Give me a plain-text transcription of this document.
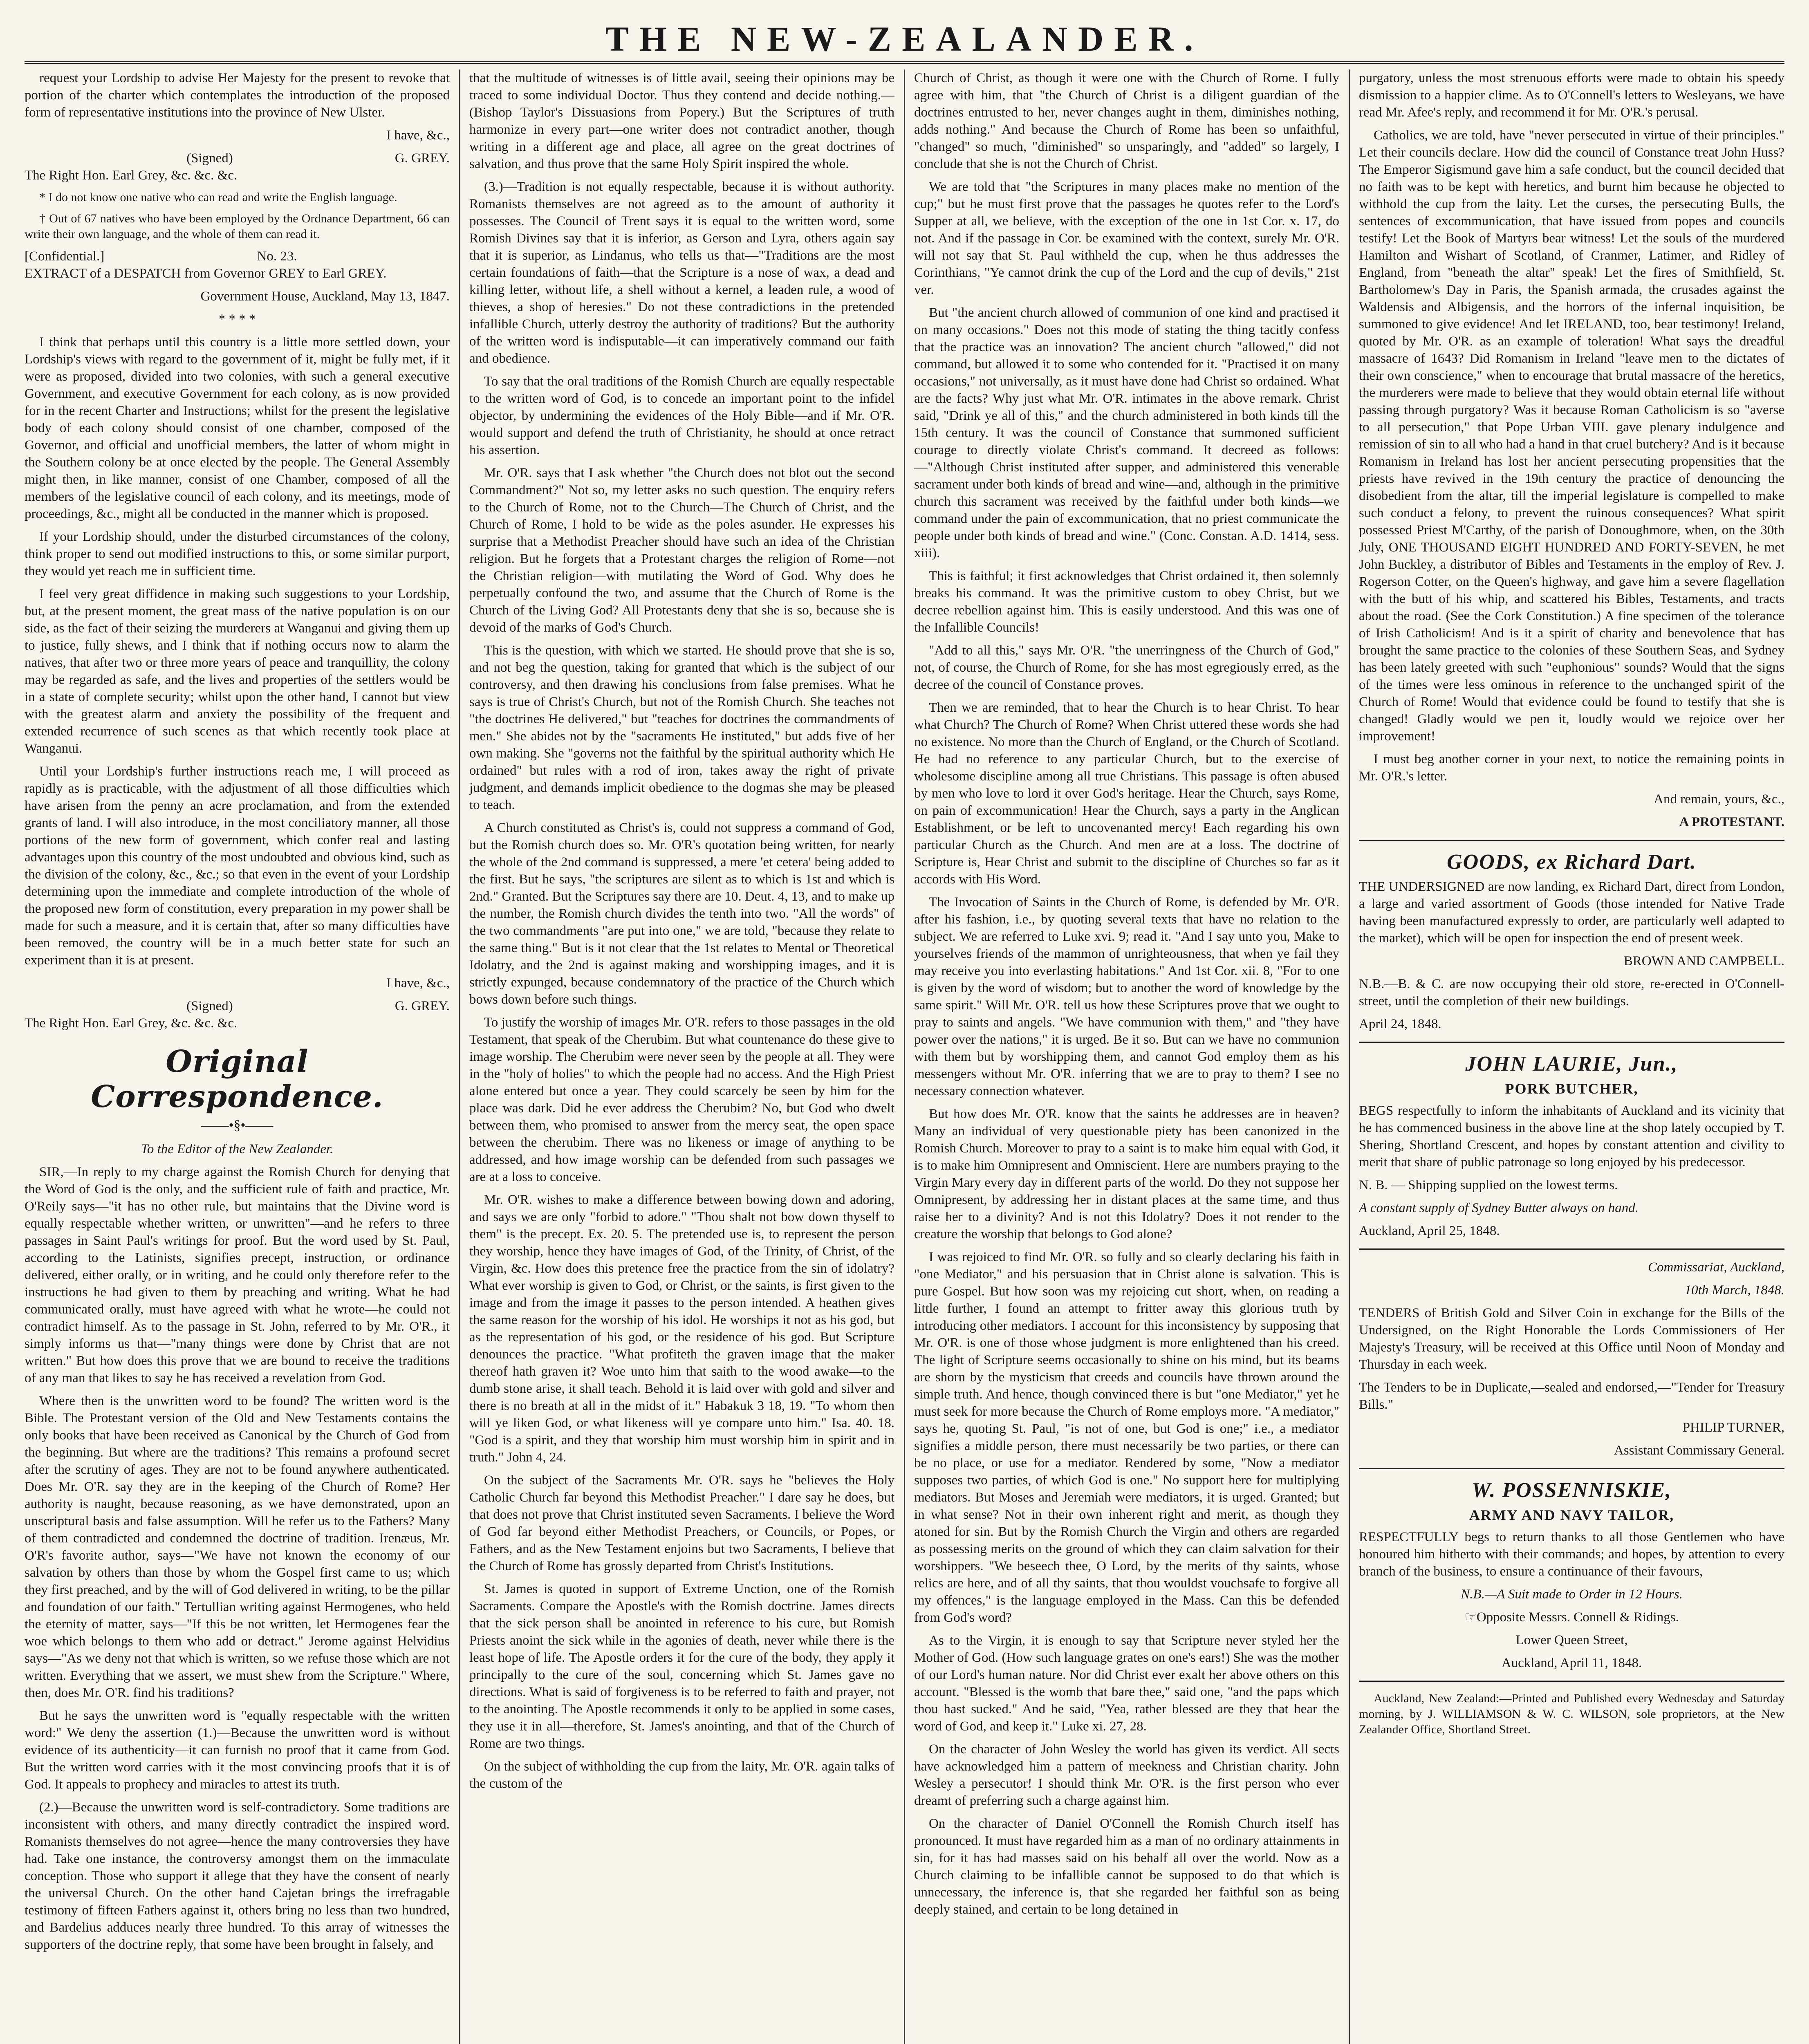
THE NEW-ZEALANDER.

request your Lordship to advise Her Majesty for the present to revoke that portion of the charter which contemplates the introduction of the proposed form of representative institutions into the province of New Ulster.

I have, &c.,

(Signed)	G. GREY.

The Right Hon. Earl Grey, &c. &c. &c.

* I do not know one native who can read and write the English language.

† Out of 67 natives who have been employed by the Ordnance Department, 66 can write their own language, and the whole of them can read it.

[Confidential.]	No. 23.

EXTRACT of a DESPATCH from Governor GREY to Earl GREY.

Government House, Auckland, May 13, 1847.

* * * *

I think that perhaps until this country is a little more settled down, your Lordship's views with regard to the government of it, might be fully met, if it were as proposed, divided into two colonies, with such a general executive Government, and executive Government for each colony, as is now provided for in the recent Charter and Instructions; whilst for the present the legislative body of each colony should consist of one chamber, composed of the Governor, and official and unofficial members, the latter of whom might in the Southern colony be at once elected by the people. The General Assembly might then, in like manner, consist of one Chamber, composed of all the members of the legislative council of each colony, and its meetings, mode of proceedings, &c., might all be conducted in the manner which is proposed.

If your Lordship should, under the disturbed circumstances of the colony, think proper to send out modified instructions to this, or some similar purport, they would yet reach me in sufficient time.

I feel very great diffidence in making such suggestions to your Lordship, but, at the present moment, the great mass of the native population is on our side, as the fact of their seizing the murderers at Wanganui and giving them up to justice, fully shews, and I think that if nothing occurs now to alarm the natives, that after two or three more years of peace and tranquillity, the colony may be regarded as safe, and the lives and properties of the settlers would be in a state of complete security; whilst upon the other hand, I cannot but view with the greatest alarm and anxiety the possibility of the frequent and extended recurrence of such scenes as that which recently took place at Wanganui.

Until your Lordship's further instructions reach me, I will proceed as rapidly as is practicable, with the adjustment of all those difficulties which have arisen from the penny an acre proclamation, and from the extended grants of land. I will also introduce, in the most conciliatory manner, all those portions of the new form of government, which confer real and lasting advantages upon this country of the most undoubted and obvious kind, such as the division of the colony, &c., &c.; so that even in the event of your Lordship determining upon the immediate and complete introduction of the whole of the proposed new form of constitution, every preparation in my power shall be made for such a measure, and it is certain that, after so many difficulties have been removed, the country will be in a much better state for such an experiment than it is at present.

I have, &c.,

(Signed)	G. GREY.

The Right Hon. Earl Grey, &c. &c. &c.

Original Correspondence.
——•§•——

To the Editor of the New Zealander.

SIR,—In reply to my charge against the Romish Church for denying that the Word of God is the only, and the sufficient rule of faith and practice, Mr. O'Reily says—"it has no other rule, but maintains that the Divine word is equally respectable whether written, or unwritten"—and he refers to three passages in Saint Paul's writings for proof. But the word used by St. Paul, according to the Latinists, signifies precept, instruction, or ordinance delivered, either orally, or in writing, and he could only therefore refer to the instructions he had given to them by preaching and writing. What he had communicated orally, must have agreed with what he wrote—he could not contradict himself. As to the passage in St. John, referred to by Mr. O'R., it simply informs us that—"many things were done by Christ that are not written." But how does this prove that we are bound to receive the traditions of any man that likes to say he has received a revelation from God.

Where then is the unwritten word to be found? The written word is the Bible. The Protestant version of the Old and New Testaments contains the only books that have been received as Canonical by the Church of God from the beginning. But where are the traditions? This remains a profound secret after the scrutiny of ages. They are not to be found anywhere authenticated. Does Mr. O'R. say they are in the keeping of the Church of Rome? Her authority is naught, because reasoning, as we have demonstrated, upon an unscriptural basis and false assumption. Will he refer us to the Fathers? Many of them contradicted and condemned the doctrine of tradition. Irenæus, Mr. O'R's favorite author, says—"We have not known the economy of our salvation by others than those by whom the Gospel first came to us; which they first preached, and by the will of God delivered in writing, to be the pillar and foundation of our faith." Tertullian writing against Hermogenes, who held the eternity of matter, says—"If this be not written, let Hermogenes fear the woe which belongs to them who add or detract." Jerome against Helvidius says—"As we deny not that which is written, so we refuse those which are not written. Everything that we assert, we must shew from the Scripture." Where, then, does Mr. O'R. find his traditions?

But he says the unwritten word is "equally respectable with the written word:" We deny the assertion (1.)—Because the unwritten word is without evidence of its authenticity—it can furnish no proof that it came from God. But the written word carries with it the most convincing proofs that it is of God. It appeals to prophecy and miracles to attest its truth.

(2.)—Because the unwritten word is self-contradictory. Some traditions are inconsistent with others, and many directly contradict the inspired word. Romanists themselves do not agree—hence the many controversies they have had. Take one instance, the controversy amongst them on the immaculate conception. Those who support it allege that they have the consent of nearly the universal Church. On the other hand Cajetan brings the irrefragable testimony of fifteen Fathers against it, others bring no less than two hundred, and Bardelius adduces nearly three hundred. To this array of witnesses the supporters of the doctrine reply, that some have been brought in falsely, and

that the multitude of witnesses is of little avail, seeing their opinions may be traced to some individual Doctor. Thus they contend and decide nothing.—(Bishop Taylor's Dissuasions from Popery.) But the Scriptures of truth harmonize in every part—one writer does not contradict another, though writing in a different age and place, all agree on the great doctrines of salvation, and thus prove that the same Holy Spirit inspired the whole.

(3.)—Tradition is not equally respectable, because it is without authority. Romanists themselves are not agreed as to the amount of authority it possesses. The Council of Trent says it is equal to the written word, some Romish Divines say that it is inferior, as Gerson and Lyra, others again say that it is superior, as Lindanus, who tells us that—"Traditions are the most certain foundations of faith—that the Scripture is a nose of wax, a dead and killing letter, without life, a shell without a kernel, a leaden rule, a wood of thieves, a shop of heresies." Do not these contradictions in the pretended infallible Church, utterly destroy the authority of traditions? But the authority of the written word is indisputable—it can imperatively command our faith and obedience.

To say that the oral traditions of the Romish Church are equally respectable to the written word of God, is to concede an important point to the infidel objector, by undermining the evidences of the Holy Bible—and if Mr. O'R. would support and defend the truth of Christianity, he should at once retract his assertion.

Mr. O'R. says that I ask whether "the Church does not blot out the second Commandment?" Not so, my letter asks no such question. The enquiry refers to the Church of Rome, not to the Church—The Church of Christ, and the Church of Rome, I hold to be wide as the poles asunder. He expresses his surprise that a Methodist Preacher should have such an idea of the Christian religion. But he forgets that a Protestant charges the religion of Rome—not the Christian religion—with mutilating the Word of God. Why does he perpetually confound the two, and assume that the Church of Rome is the Church of the Living God? All Protestants deny that she is so, because she is devoid of the marks of God's Church.

This is the question, with which we started. He should prove that she is so, and not beg the question, taking for granted that which is the subject of our controversy, and then drawing his conclusions from false premises. What he says is true of Christ's Church, but not of the Romish Church. She teaches not "the doctrines He delivered," but "teaches for doctrines the commandments of men." She abides not by the "sacraments He instituted," but adds five of her own making. She "governs not the faithful by the spiritual authority which He ordained" but rules with a rod of iron, takes away the right of private judgment, and demands implicit obedience to the dogmas she may be pleased to teach.

A Church constituted as Christ's is, could not suppress a command of God, but the Romish church does so. Mr. O'R's quotation being written, for nearly the whole of the 2nd command is suppressed, a mere 'et cetera' being added to the first. But he says, "the scriptures are silent as to which is 1st and which is 2nd." Granted. But the Scriptures say there are 10. Deut. 4, 13, and to make up the number, the Romish church divides the tenth into two. "All the words" of the two commandments "are put into one," we are told, "because they relate to the same thing." But is it not clear that the 1st relates to Mental or Theoretical Idolatry, and the 2nd is against making and worshipping images, and it is strictly expunged, because condemnatory of the practice of the Church which bows down before such things.

To justify the worship of images Mr. O'R. refers to those passages in the old Testament, that speak of the Cherubim. But what countenance do these give to image worship. The Cherubim were never seen by the people at all. They were in the "holy of holies" to which the people had no access. And the High Priest alone entered but once a year. They could scarcely be seen by him for the place was dark. Did he ever address the Cherubim? No, but God who dwelt between them, who promised to answer from the mercy seat, the open space between the cherubim. There was no likeness or image of anything to be addressed, and how image worship can be defended from such passages we are at a loss to conceive.

Mr. O'R. wishes to make a difference between bowing down and adoring, and says we are only "forbid to adore." "Thou shalt not bow down thyself to them" is the precept. Ex. 20. 5. The pretended use is, to represent the person they worship, hence they have images of God, of the Trinity, of Christ, of the Virgin, &c. How does this pretence free the practice from the sin of idolatry? What ever worship is given to God, or Christ, or the saints, is first given to the image and from the image it passes to the person intended. A heathen gives the same reason for the worship of his idol. He worships it not as his god, but as the representation of his god, or the residence of his god. But Scripture denounces the practice. "What profiteth the graven image that the maker thereof hath graven it? Woe unto him that saith to the wood awake—to the dumb stone arise, it shall teach. Behold it is laid over with gold and silver and there is no breath at all in the midst of it." Habakuk 3 18, 19. "To whom then will ye liken God, or what likeness will ye compare unto him." Isa. 40. 18. "God is a spirit, and they that worship him must worship him in spirit and in truth." John 4, 24.

On the subject of the Sacraments Mr. O'R. says he "believes the Holy Catholic Church far beyond this Methodist Preacher." I dare say he does, but that does not prove that Christ instituted seven Sacraments. I believe the Word of God far beyond either Methodist Preachers, or Councils, or Popes, or Fathers, and as the New Testament enjoins but two Sacraments, I believe that the Church of Rome has grossly departed from Christ's Institutions.

St. James is quoted in support of Extreme Unction, one of the Romish Sacraments. Compare the Apostle's with the Romish doctrine. James directs that the sick person shall be anointed in reference to his cure, but Romish Priests anoint the sick while in the agonies of death, never while there is the least hope of life. The Apostle orders it for the cure of the body, they apply it principally to the cure of the soul, concerning which St. James gave no directions. What is said of forgiveness is to be referred to faith and prayer, not to the anointing. The Apostle recommends it only to be applied in some cases, they use it in all—therefore, St. James's anointing, and that of the Church of Rome are two things.

On the subject of withholding the cup from the laity, Mr. O'R. again talks of the custom of the

Church of Christ, as though it were one with the Church of Rome. I fully agree with him, that "the Church of Christ is a diligent guardian of the doctrines entrusted to her, never changes aught in them, diminishes nothing, adds nothing." And because the Church of Rome has been so unfaithful, "changed" so much, "diminished" so unsparingly, and "added" so largely, I conclude that she is not the Church of Christ.

We are told that "the Scriptures in many places make no mention of the cup;" but he must first prove that the passages he quotes refer to the Lord's Supper at all, we believe, with the exception of the one in 1st Cor. x. 17, do not. And if the passage in Cor. be examined with the context, surely Mr. O'R. will not say that St. Paul withheld the cup, when he thus addresses the Corinthians, "Ye cannot drink the cup of the Lord and the cup of devils," 21st ver.

But "the ancient church allowed of communion of one kind and practised it on many occasions." Does not this mode of stating the thing tacitly confess that the practice was an innovation? The ancient church "allowed," did not command, but allowed it to some who contended for it. "Practised it on many occasions," not universally, as it must have done had Christ so ordained. What are the facts? Why just what Mr. O'R. intimates in the above remark. Christ said, "Drink ye all of this," and the church administered in both kinds till the 15th century. It was the council of Constance that summoned sufficient courage to directly violate Christ's command. It decreed as follows:—"Although Christ instituted after supper, and administered this venerable sacrament under both kinds of bread and wine—and, although in the primitive church this sacrament was received by the faithful under both kinds—we command under the pain of excommunication, that no priest communicate the people under both kinds of bread and wine." (Conc. Constan. A.D. 1414, sess. xiii).

This is faithful; it first acknowledges that Christ ordained it, then solemnly breaks his command. It was the primitive custom to obey Christ, but we decree rebellion against him. This is easily understood. And this was one of the Infallible Councils!

"Add to all this," says Mr. O'R. "the unerringness of the Church of God," not, of course, the Church of Rome, for she has most egregiously erred, as the decree of the council of Constance proves.

Then we are reminded, that to hear the Church is to hear Christ. To hear what Church? The Church of Rome? When Christ uttered these words she had no existence. No more than the Church of England, or the Church of Scotland. He had no reference to any particular Church, but to the exercise of wholesome discipline among all true Christians. This passage is often abused by men who love to lord it over God's heritage. Hear the Church, says Rome, on pain of excommunication! Hear the Church, says a party in the Anglican Establishment, or be left to uncovenanted mercy! Each regarding his own particular Church as the Church. And men are at a loss. The doctrine of Scripture is, Hear Christ and submit to the discipline of Churches so far as it accords with His Word.

The Invocation of Saints in the Church of Rome, is defended by Mr. O'R. after his fashion, i.e., by quoting several texts that have no relation to the subject. We are referred to Luke xvi. 9; read it. "And I say unto you, Make to yourselves friends of the mammon of unrighteousness, that when ye fail they may receive you into everlasting habitations." And 1st Cor. xii. 8, "For to one is given by the word of wisdom; but to another the word of knowledge by the same spirit." Will Mr. O'R. tell us how these Scriptures prove that we ought to pray to saints and angels. "We have communion with them," and "they have power over the nations," it is urged. Be it so. But can we have no communion with them but by worshipping them, and cannot God employ them as his messengers without Mr. O'R. inferring that we are to pray to them? I see no necessary connection whatever.

But how does Mr. O'R. know that the saints he addresses are in heaven? Many an individual of very questionable piety has been canonized in the Romish Church. Moreover to pray to a saint is to make him equal with God, it is to make him Omnipresent and Omniscient. Here are numbers praying to the Virgin Mary every day in different parts of the world. Do they not suppose her Omnipresent, by addressing her in distant places at the same time, and thus raise her to a divinity? And is not this Idolatry? Does it not render to the creature the worship that belongs to God alone?

I was rejoiced to find Mr. O'R. so fully and so clearly declaring his faith in "one Mediator," and his persuasion that in Christ alone is salvation. This is pure Gospel. But how soon was my rejoicing cut short, when, on reading a little further, I found an attempt to fritter away this glorious truth by introducing other mediators. I account for this inconsistency by supposing that Mr. O'R. is one of those whose judgment is more enlightened than his creed. The light of Scripture seems occasionally to shine on his mind, but its beams are shorn by the mysticism that creeds and councils have thrown around the simple truth. And hence, though convinced there is but "one Mediator," yet he must seek for more because the Church of Rome employs more. "A mediator," says he, quoting St. Paul, "is not of one, but God is one;" i.e., a mediator signifies a middle person, there must necessarily be two parties, or there can be no place, or use for a mediator. Rendered by some, "Now a mediator supposes two parties, of which God is one." No support here for multiplying mediators. But Moses and Jeremiah were mediators, it is urged. Granted; but in what sense? Not in their own inherent right and merit, as though they atoned for sin. But by the Romish Church the Virgin and others are regarded as possessing merits on the ground of which they can claim salvation for their worshippers. "We beseech thee, O Lord, by the merits of thy saints, whose relics are here, and of all thy saints, that thou wouldst vouchsafe to forgive all my offences," is the language employed in the Mass. Can this be defended from God's word?

As to the Virgin, it is enough to say that Scripture never styled her the Mother of God. (How such language grates on one's ears!) She was the mother of our Lord's human nature. Nor did Christ ever exalt her above others on this account. "Blessed is the womb that bare thee," said one, "and the paps which thou hast sucked." And he said, "Yea, rather blessed are they that hear the word of God, and keep it." Luke xi. 27, 28.

On the character of John Wesley the world has given its verdict. All sects have acknowledged him a pattern of meekness and Christian charity. John Wesley a persecutor! I should think Mr. O'R. is the first person who ever dreamt of preferring such a charge against him.

On the character of Daniel O'Connell the Romish Church itself has pronounced. It must have regarded him as a man of no ordinary attainments in sin, for it has had masses said on his behalf all over the world. Now as a Church claiming to be infallible cannot be supposed to do that which is unnecessary, the inference is, that she regarded her faithful son as being deeply stained, and certain to be long detained in

purgatory, unless the most strenuous efforts were made to obtain his speedy dismission to a happier clime. As to O'Connell's letters to Wesleyans, we have read Mr. Afee's reply, and recommend it for Mr. O'R.'s perusal.

Catholics, we are told, have "never persecuted in virtue of their principles." Let their councils declare. How did the council of Constance treat John Huss? The Emperor Sigismund gave him a safe conduct, but the council decided that no faith was to be kept with heretics, and burnt him because he objected to withhold the cup from the laity. Let the curses, the persecuting Bulls, the sentences of excommunication, that have issued from popes and councils testify! Let the Book of Martyrs bear witness! Let the souls of the murdered Hamilton and Wishart of Scotland, of Cranmer, Latimer, and Ridley of England, from "beneath the altar" speak! Let the fires of Smithfield, St. Bartholomew's Day in Paris, the Spanish armada, the crusades against the Waldensis and Albigensis, and the horrors of the infernal inquisition, be summoned to give evidence! And let IRELAND, too, bear testimony! Ireland, quoted by Mr. O'R. as an example of toleration! What says the dreadful massacre of 1643? Did Romanism in Ireland "leave men to the dictates of their own conscience," when to encourage that brutal massacre of the heretics, the murderers were made to believe that they would obtain eternal life without passing through purgatory? Was it because Roman Catholicism is so "averse to all persecution," that Pope Urban VIII. gave plenary indulgence and remission of sin to all who had a hand in that cruel butchery? And is it because Romanism in Ireland has lost her ancient persecuting propensities that the priests have revived in the 19th century the practice of denouncing the disobedient from the altar, till the imperial legislature is compelled to make such conduct a felony, to prevent the ruinous consequences? What spirit possessed Priest M'Carthy, of the parish of Donoughmore, when, on the 30th July, ONE THOUSAND EIGHT HUNDRED AND FORTY-SEVEN, he met John Buckley, a distributor of Bibles and Testaments in the employ of Rev. J. Rogerson Cotter, on the Queen's highway, and gave him a severe flagellation with the butt of his whip, and scattered his Bibles, Testaments, and tracts about the road. (See the Cork Constitution.) A fine specimen of the tolerance of Irish Catholicism! And is it a spirit of charity and benevolence that has brought the same practice to the colonies of these Southern Seas, and Sydney has been lately greeted with such "euphonious" sounds? Would that the signs of the times were less ominous in reference to the unchanged spirit of the Church of Rome! Would that evidence could be found to testify that she is changed! Gladly would we pen it, loudly would we rejoice over her improvement!

I must beg another corner in your next, to notice the remaining points in Mr. O'R.'s letter.

And remain, yours, &c.,

A PROTESTANT.

GOODS, ex Richard Dart.

THE UNDERSIGNED are now landing, ex Richard Dart, direct from London, a large and varied assortment of Goods (those intended for Native Trade having been manufactured expressly to order, are particularly well adapted to the market), which will be open for inspection the end of present week.

BROWN AND CAMPBELL.

N.B.—B. & C. are now occupying their old store, re-erected in O'Connell-street, until the completion of their new buildings.

April 24, 1848.

JOHN LAURIE, Jun.,
PORK BUTCHER,

BEGS respectfully to inform the inhabitants of Auckland and its vicinity that he has commenced business in the above line at the shop lately occupied by T. Shering, Shortland Crescent, and hopes by constant attention and civility to merit that share of public patronage so long enjoyed by his predecessor.

N. B. — Shipping supplied on the lowest terms.

A constant supply of Sydney Butter always on hand.

Auckland, April 25, 1848.

Commissariat, Auckland,

10th March, 1848.

TENDERS of British Gold and Silver Coin in exchange for the Bills of the Undersigned, on the Right Honorable the Lords Commissioners of Her Majesty's Treasury, will be received at this Office until Noon of Monday and Thursday in each week.

The Tenders to be in Duplicate,—sealed and endorsed,—"Tender for Treasury Bills."

PHILIP TURNER,

Assistant Commissary General.

W. POSSENNISKIE,
ARMY AND NAVY TAILOR,

RESPECTFULLY begs to return thanks to all those Gentlemen who have honoured him hitherto with their commands; and hopes, by attention to every branch of the business, to ensure a continuance of their favours,

N.B.—A Suit made to Order in 12 Hours.

☞Opposite Messrs. Connell & Ridings.

Lower Queen Street,

Auckland, April 11, 1848.

Auckland, New Zealand:—Printed and Published every Wednesday and Saturday morning, by J. WILLIAMSON & W. C. WILSON, sole proprietors, at the New Zealander Office, Shortland Street.
